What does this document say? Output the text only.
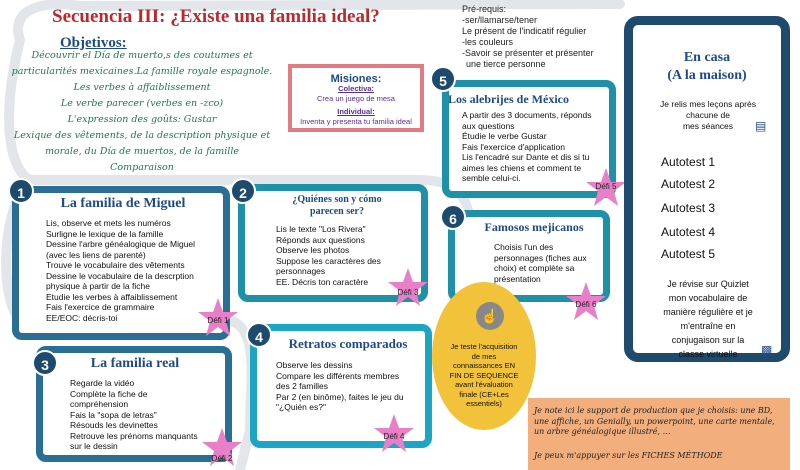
Secuencia III: ¿Existe una familia ideal?
Objetivos:
Découvrir el Día de muerto,s des coutumes et
particularités mexicaines.La famille royale espagnole.
Les verbes à affaiblissement
Le verbe parecer (verbes en -zco)
L'expression des goûts: Gustar
Lexique des vêtements, de la description physique et
morale, du Día de muertos, de la famille
Comparaison
Misiones:
Colectiva:
Crea un juego de mesa
Individual:
Inventa y presenta tu familia ideal
Pré-requis:
-ser/llamarse/tener
Le présent de l'indicatif régulier
-les couleurs
-Savoir se présenter et présenter
une tierce personne
1
La familia de Miguel
Lis, observe et mets les numéros
Surligne le lexique de la famille
Dessine l'arbre généalogique de Miguel
(avec les liens de parenté)
Trouve le vocabulaire des vêtements
Dessine le vocabulaire de la descrption
physique à partir de la fiche
Etudie les verbes à affaiblissement
Fais l'exercice de grammaire
EE/EOC: décris-toi	Défi 1
2	¿Quiénes son y cómo
parecen ser?
Lis le texte "Los Rivera"
Réponds aux questions
Observe les photos
Suppose les caractères des
personnages
EE. Décris ton caractère
Défi 3
3	La familia real
Regarde la vidéo
Complète la fiche de
compréhension
Fais la "sopa de letras"
Résouds les devinettes
Retrouve les prénoms manquants
sur le dessin
Défi 2
4	Retratos comparados
Observe les dessins
Compare les différents membres
des 2 familles
Par 2 (en binôme), faites le jeu du
"¿Quién es?"
Défi 4
5
Los alebrijes de México
A partir des 3 documents, réponds
aux questions
Étudie le verbe Gustar
Fais l'exercice d'application
Lis l'encadré sur Dante et dis si tu
aimes les chiens et comment te
semble celui-ci.
Défi 5
6	Famosos mejicanos
Choisis l'un des
personnages (fiches aux
choix) et complète sa
présentation
Défi 6
Je teste l'acquisition
de mes
connaissances EN
FIN DE SEQUENCE
avant l'évaluation
finale (CE+Les
essentiels)
☝
Je note ici le support de production que je choisis: une BD,
une affiche, un Genially, un powerpoint, une carte mentale,
un arbre généalogique illustré, …
Je peux m'appuyer sur les FICHES MÉTHODE
En casa
(A la maison)
Je relis mes leçons après
chacune de
mes séances	▤
Autotest 1
Autotest 2
Autotest 3
Autotest 4
Autotest 5
Je révise sur Quizlet
mon vocabulaire de
manière régulière et je
m'entraîne en
conjugaison sur la
classe virtuelle	▩
